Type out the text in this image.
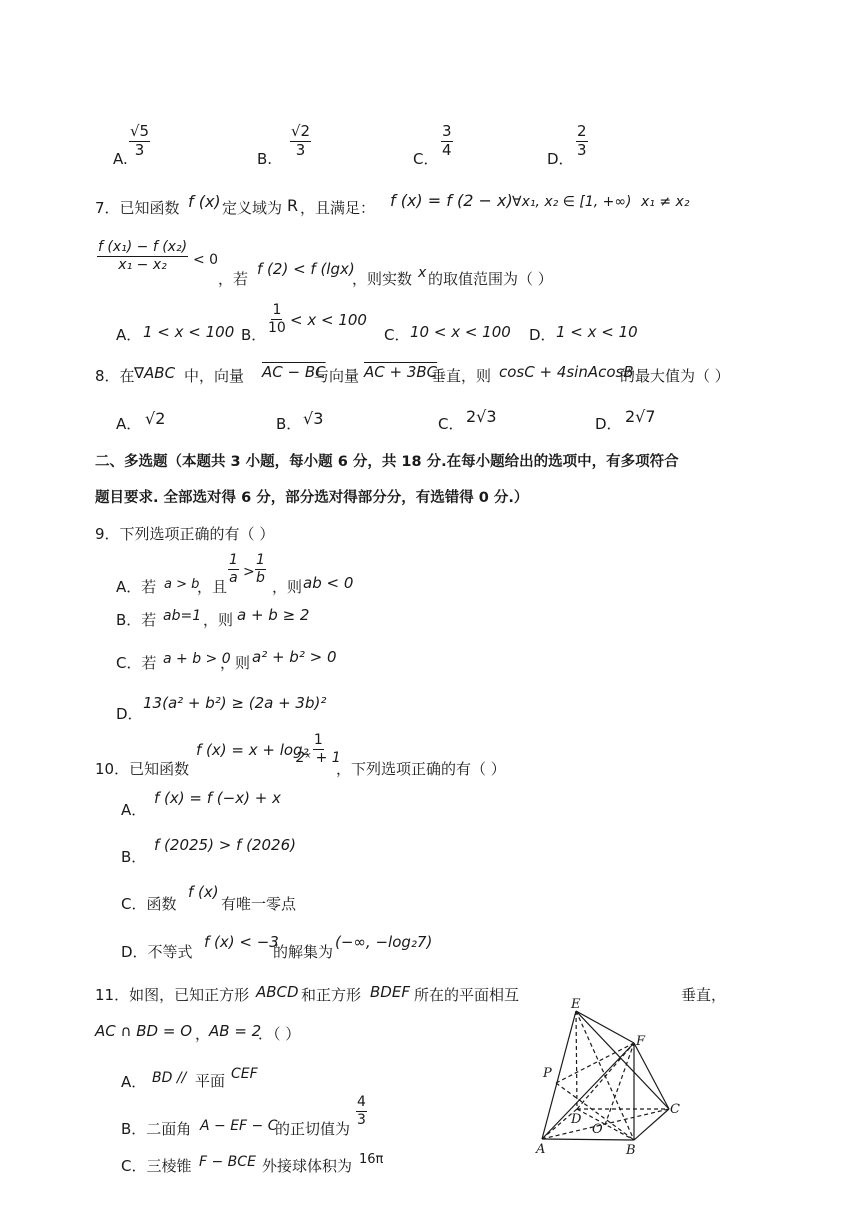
A.
$\frac{√5}{3}$
B.
$\frac{√2}{3}$
C．
$\frac{3}{4}$
D．
$\frac{2}{3}$
7．已知函数 f (x) 定义域为 R ，且满足： f (x) = f (2 − x) ∀x₁, x₂ ∈ [1, +∞) x₁ ≠ x₂
$\frac{\text{f (x₁) − f (x₂)}}{\text{x₁ − x₂}} < 0$
，若
f (2) < f (lgx)
，则实数 x 的取值范围为（ ）
A． 1 < x < 100 B． $\frac{1}{10} < x < 100$
C． 10 < x < 100 D． 1 < x < 10
8．在 ∇ABC 中，向量 AC − BC
与向量 AC + 3BC
垂直，则 cosC + 4sinAcosB
的最大值为（ ）
A． √2	B． √3	C． 2√3	D． 2√7
二、多选题（本题共 3 小题，每小题 6 分，共 18 分.在每小题给出的选项中，有多项符合
题目要求. 全部选对得 6 分，部分选对得部分分，有选错得 0 分.）
9．下列选项正确的有（ ）
A．若 a > b
，且
$\frac{1}{a} > \frac{1}{b}$
，则 ab < 0
B．若 ab=1 ，则 a + b ≥ 2
C．若 a + b > 0
，则 a² + b² > 0
D．
13(a² + b²) ≥ (2a + 3b)²
10．已知函数
f (x) = x + log₂
$\frac{1}{\text{2ˣ + 1}}$
，下列选项正确的有（ ）
A．
f (x) = f (−x) + x
B．
f (2025) > f (2026)
C．函数
f (x)
有唯一零点
D．不等式
f (x) < −3
的解集为
(−∞, −log₂7)
11．如图，已知正方形 ABCD 和正方形 BDEF 所在的平面相互	垂直，
AC ∩ BD = O ，
AB = 2
．（ ）
A． BD // 平面 CEF
B．二面角 A − EF − C
的正切值为
$\frac{4}{3}$
C．三棱锥 F − BCE 外接球体积为 16π
E
F
P
D
O
C
A	B
